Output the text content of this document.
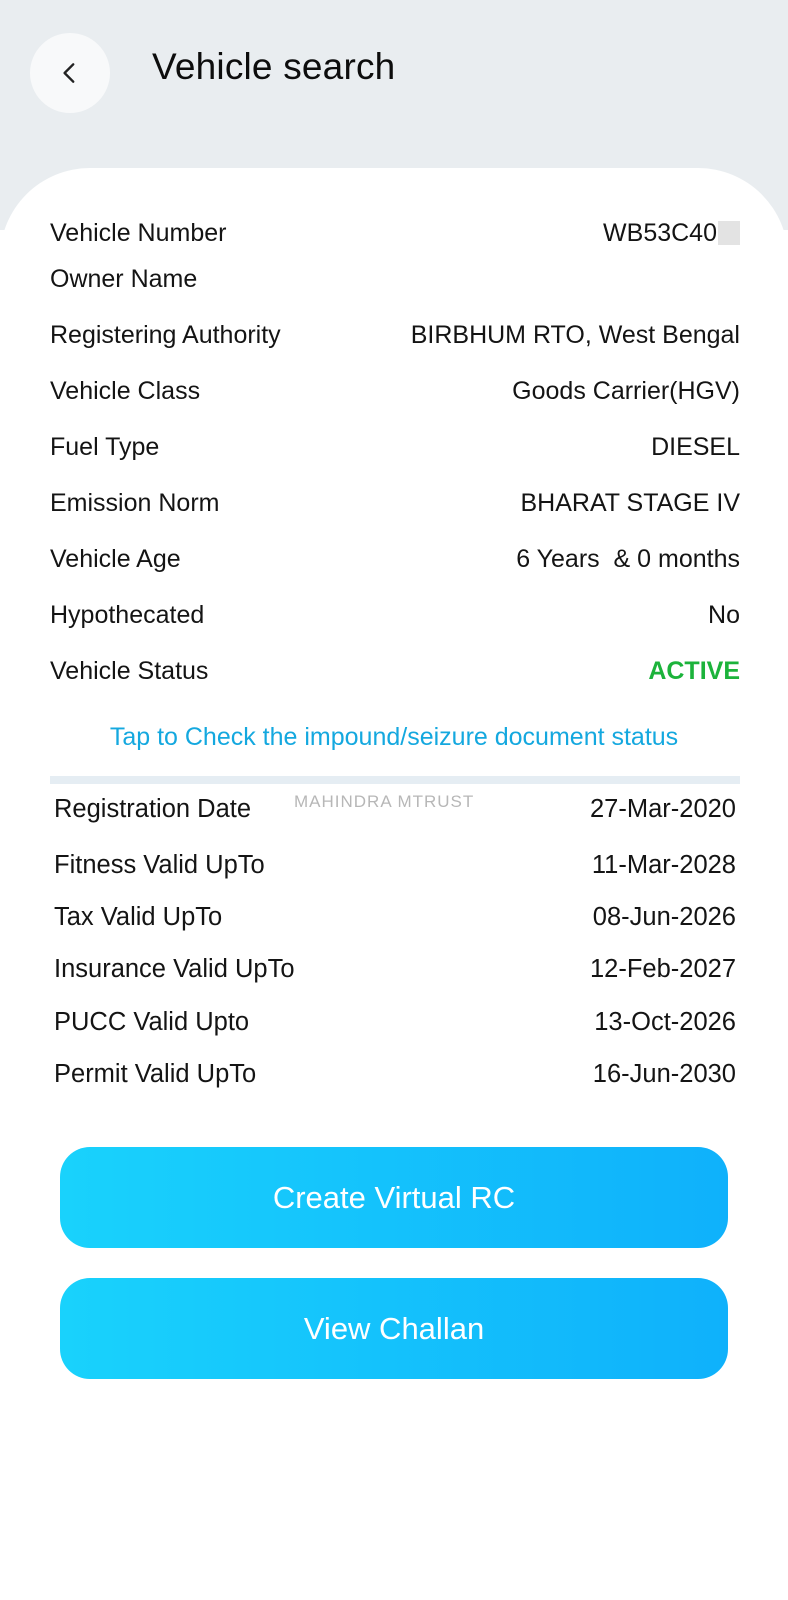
Vehicle search
Vehicle Number	WB53C40
Owner Name
Registering Authority	BIRBHUM RTO, West Bengal
Vehicle Class	Goods Carrier(HGV)
Fuel Type	DIESEL
Emission Norm	BHARAT STAGE IV
Vehicle Age	6 Years  & 0 months
Hypothecated	No
Vehicle Status	ACTIVE
Tap to Check the impound/seizure document status
MAHINDRA MTRUST
Registration Date	27-Mar-2020
Fitness Valid UpTo	11-Mar-2028
Tax Valid UpTo	08-Jun-2026
Insurance Valid UpTo	12-Feb-2027
PUCC Valid Upto	13-Oct-2026
Permit Valid UpTo	16-Jun-2030
Create Virtual RC
View Challan
